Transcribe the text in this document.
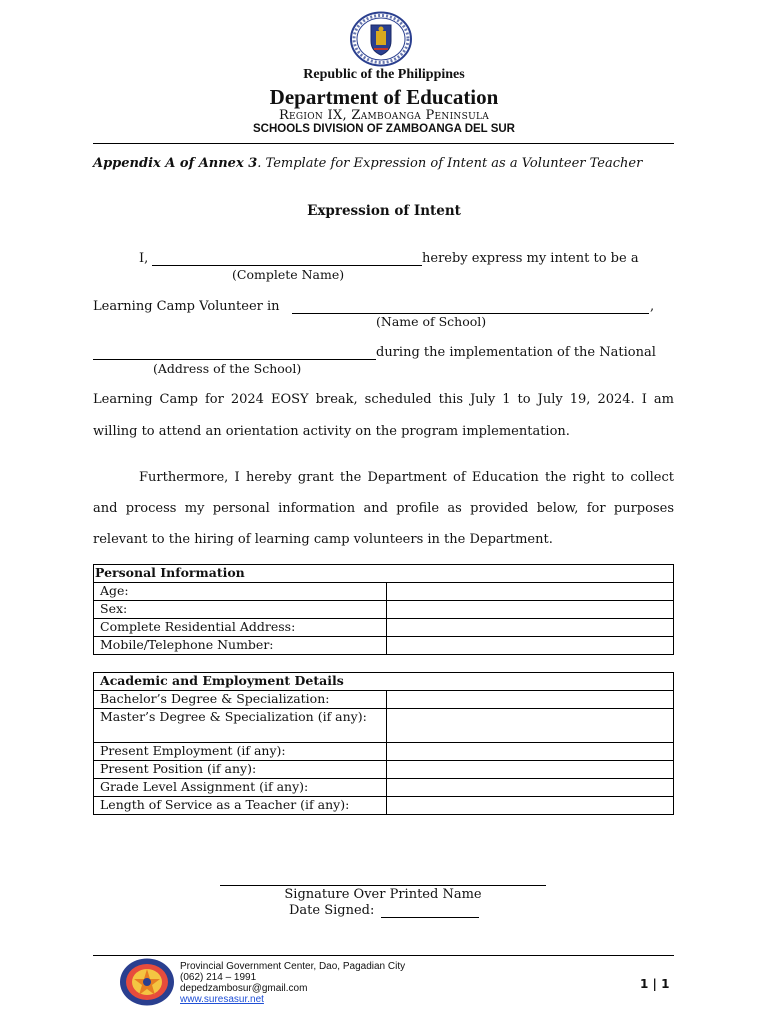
Republic of the Philippines
Department of Education
Region IX, Zamboanga Peninsula
SCHOOLS DIVISION OF ZAMBOANGA DEL SUR
Appendix A of Annex 3. Template for Expression of Intent as a Volunteer Teacher
Expression of Intent
I,	hereby express my intent to be a
(Complete Name)
Learning Camp Volunteer in	,
(Name of School)
during the implementation of the National
(Address of the School)
Learning Camp for 2024 EOSY break, scheduled this July 1 to July 19, 2024. I am
willing to attend an orientation activity on the program implementation.
Furthermore, I hereby grant the Department of Education the right to collect
and process my personal information and profile as provided below, for purposes
relevant to the hiring of learning camp volunteers in the Department.
Personal Information	
Age:	
Sex:	
Complete Residential Address:	
Mobile/Telephone Number:	
Academic and Employment Details	
Bachelor’s Degree & Specialization:	
Master’s Degree & Specialization (if any):	
Present Employment (if any):	
Present Position (if any):	
Grade Level Assignment (if any):	
Length of Service as a Teacher (if any):	
Signature Over Printed Name
Date Signed:
Provincial Government Center, Dao, Pagadian City
(062) 214 – 1991
depedzambosur@gmail.com
www.suresasur.net
1 | 1
